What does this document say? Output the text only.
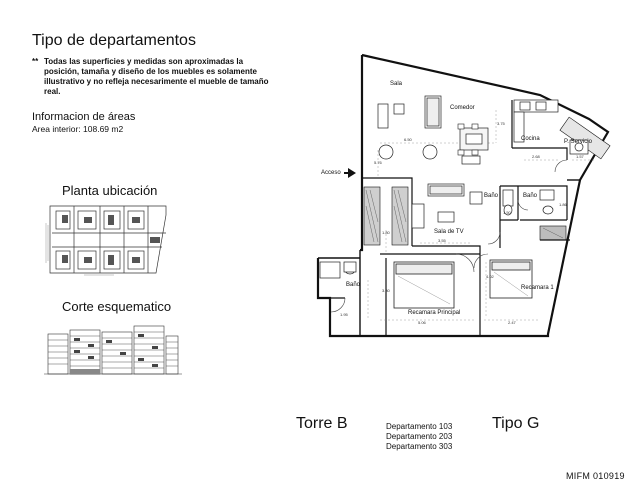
Tipo de departamentos
** Todas las superficies y medidas son aproximadas la posición, tamaña y diseño de los muebles es solamente illustrativo y no refleja necesarimente el mueble de tamaño real.
Informacion de áreas
Area interior: 108.69 m2
Planta ubicación
Corte esquematico
Sala
Comedor
Cocina	P. Servicio
Acceso
Baño	Baño
Sala de TV
Baño
Recamara Principal
Recamara 1
6.50
3.75
5.76
2.68	1.57
1.50
1.86
3.55
1.80
3.30
5.06
1.95
4.02
2.47
Torre B	Departamento 103
Departamento 203
Departamento 303
Tipo G
MIFM 010919
